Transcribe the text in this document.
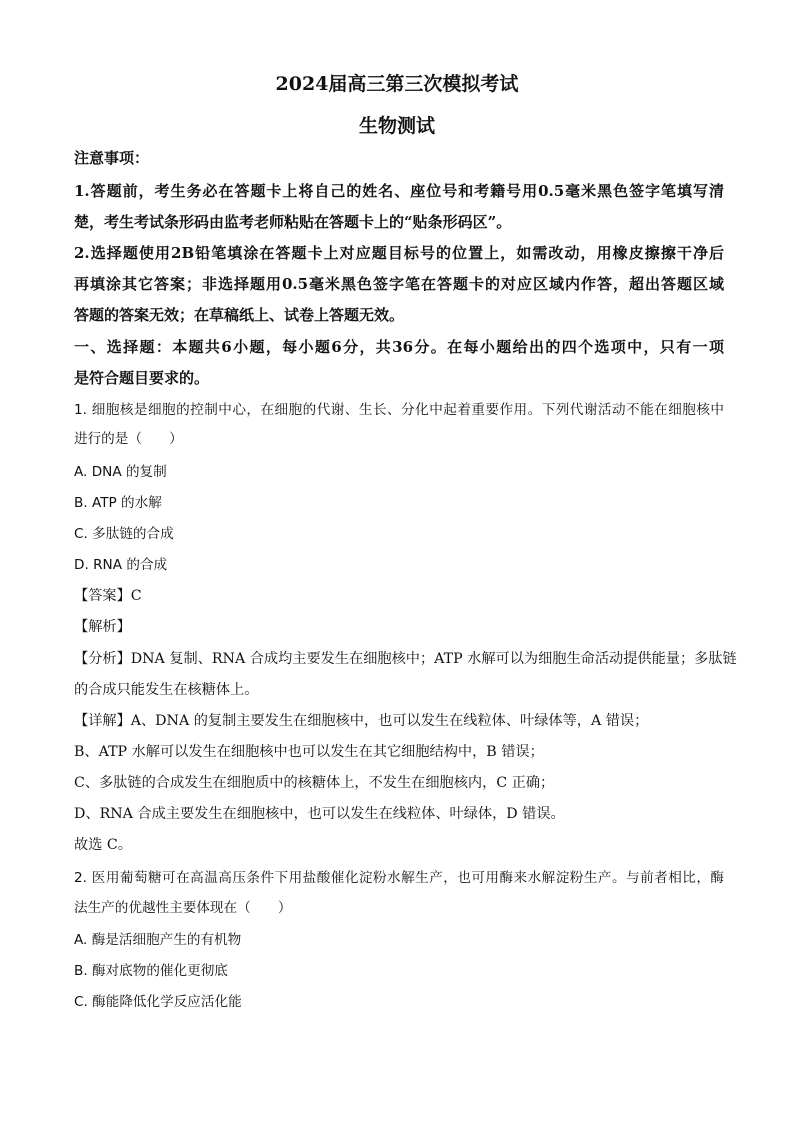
2024届高三第三次模拟考试
生物测试
注意事项：
1.答题前，考生务必在答题卡上将自己的姓名、座位号和考籍号用0.5毫米黑色签字笔填写清
楚，考生考试条形码由监考老师粘贴在答题卡上的“贴条形码区”。
2.选择题使用2B铅笔填涂在答题卡上对应题目标号的位置上，如需改动，用橡皮擦擦干净后
再填涂其它答案；非选择题用0.5毫米黑色签字笔在答题卡的对应区域内作答，超出答题区域
答题的答案无效；在草稿纸上、试卷上答题无效。
一、选择题：本题共6小题，每小题6分，共36分。在每小题给出的四个选项中，只有一项
是符合题目要求的。
1. 细胞核是细胞的控制中心，在细胞的代谢、生长、分化中起着重要作用。下列代谢活动不能在细胞核中
进行的是（　　）
A. DNA 的复制
B. ATP 的水解
C. 多肽链的合成
D. RNA 的合成
【答案】C
【解析】
【分析】DNA 复制、RNA 合成均主要发生在细胞核中；ATP 水解可以为细胞生命活动提供能量；多肽链
的合成只能发生在核糖体上。
【详解】A、DNA 的复制主要发生在细胞核中，也可以发生在线粒体、叶绿体等，A 错误；
B、ATP 水解可以发生在细胞核中也可以发生在其它细胞结构中，B 错误；
C、多肽链的合成发生在细胞质中的核糖体上，不发生在细胞核内，C 正确；
D、RNA 合成主要发生在细胞核中，也可以发生在线粒体、叶绿体，D 错误。
故选 C。
2. 医用葡萄糖可在高温高压条件下用盐酸催化淀粉水解生产，也可用酶来水解淀粉生产。与前者相比，酶
法生产的优越性主要体现在（　　）
A. 酶是活细胞产生的有机物
B. 酶对底物的催化更彻底
C. 酶能降低化学反应活化能
